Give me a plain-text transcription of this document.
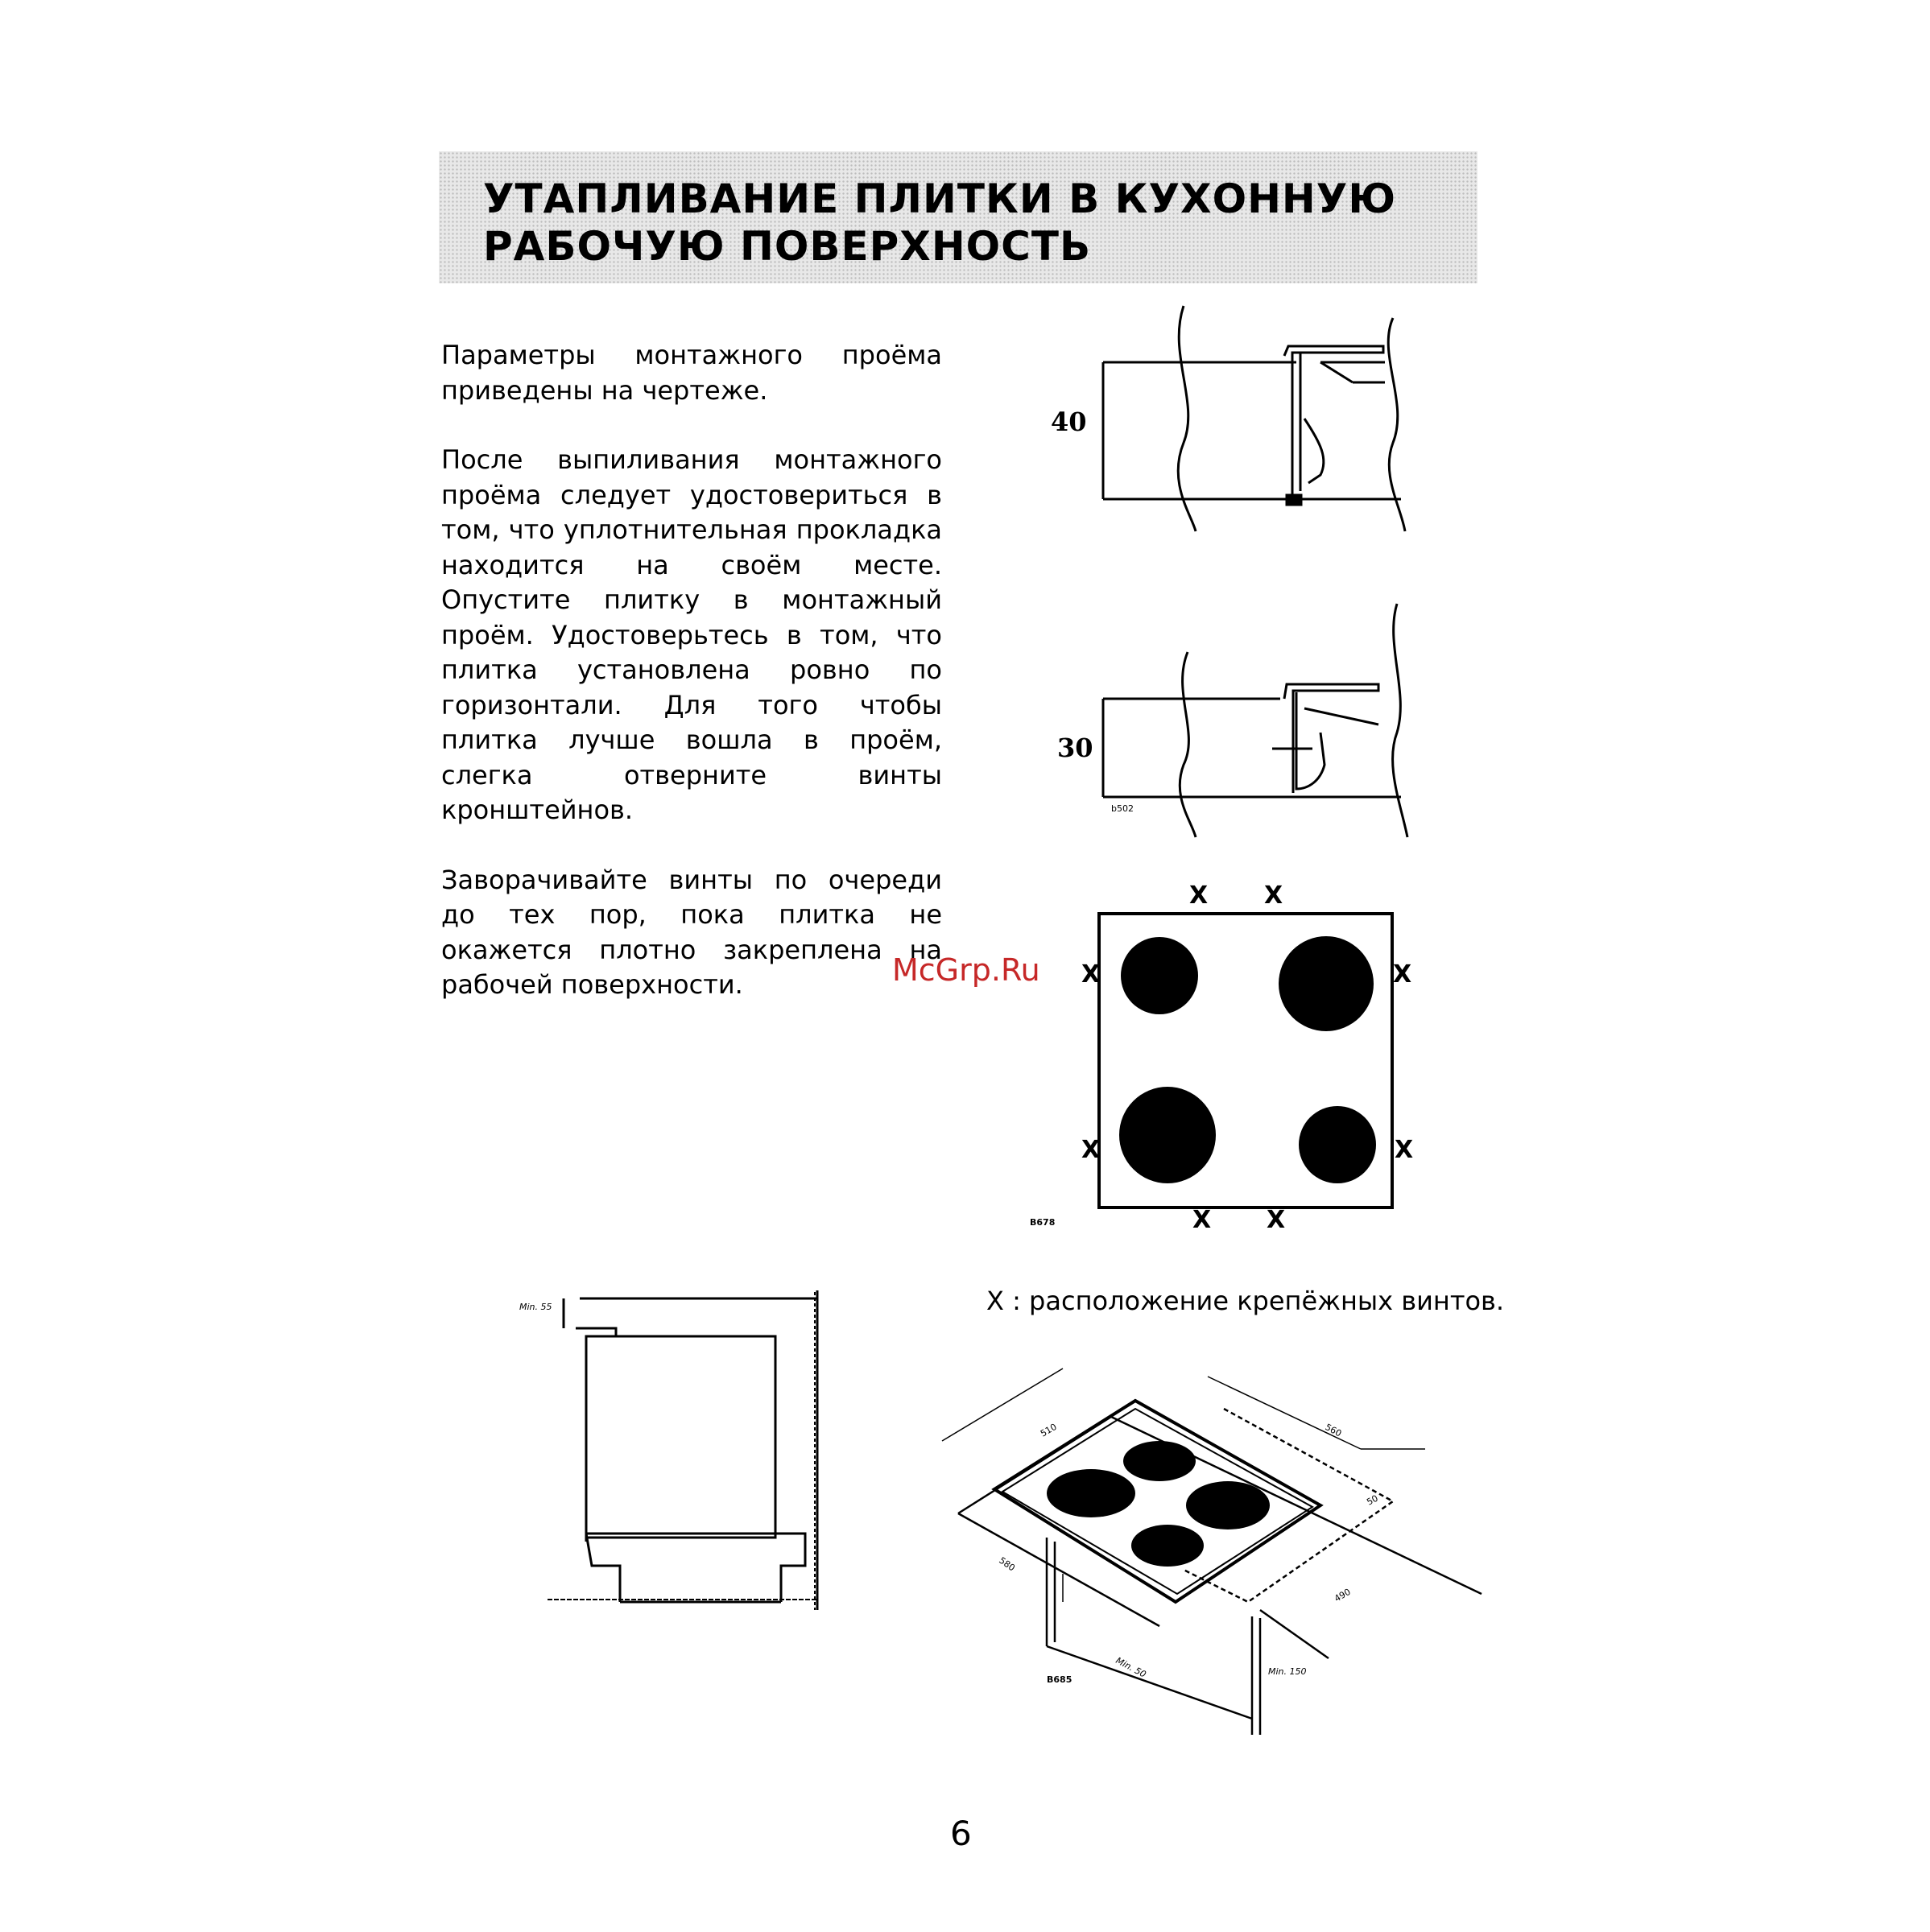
УТАПЛИВАНИЕ ПЛИТКИ В КУХОННУЮ
РАБОЧУЮ ПОВЕРХНОСТЬ

Параметры монтажного проёма приведены на чертеже.

После выпиливания монтажного проёма следует удостовериться в том, что уплотнительная прокладка находится на своём месте. Опустите плитку в монтажный проём. Удостоверьтесь в том, что плитка установлена ровно по горизонтали. Для того чтобы плитка лучше вошла в проём, слегка отверните винты кронштейнов.

Заворачивайте винты по очереди до тех пор, пока плитка не окажется плотно закреплена на рабочей поверхности.

40
30
b502
X X
X	X
X	X
X X
B678
McGrp.Ru
Min. 55	X : расположение крепёжных винтов.
510	560
580
490
50
Min. 50	Min. 150
B685
6
